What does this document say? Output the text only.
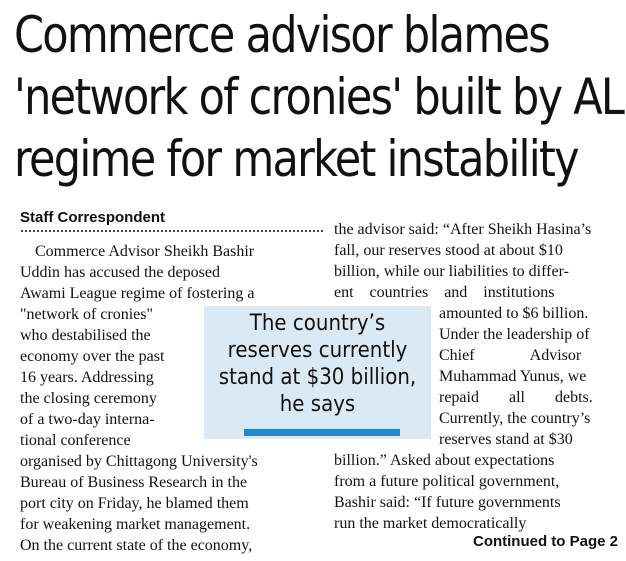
Commerce advisor blames
'network of cronies' built by AL
regime for market instability
Staff Correspondent
Commerce Advisor Sheikh Bashir
Uddin has accused the deposed
Awami League regime of fostering a
"network of cronies"
who destabilised the
economy over the past
16 years. Addressing
the closing ceremony
of a two-day interna-
tional conference
organised by Chittagong University's
Bureau of Business Research in the
port city on Friday, he blamed them
for weakening market management.
On the current state of the economy,
the advisor said: “After Sheikh Hasina’s
fall, our reserves stood at about $10
billion, while our liabilities to differ-
ent countries and institutions
amounted to $6 billion.
Under the leadership of
Chief Advisor
Muhammad Yunus, we
repaid all debts.
Currently, the country’s
reserves stand at $30
billion.” Asked about expectations
from a future political government,
Bashir said: “If future governments
run the market democratically
The country’s
reserves currently
stand at $30 billion,
he says
Continued to Page 2
